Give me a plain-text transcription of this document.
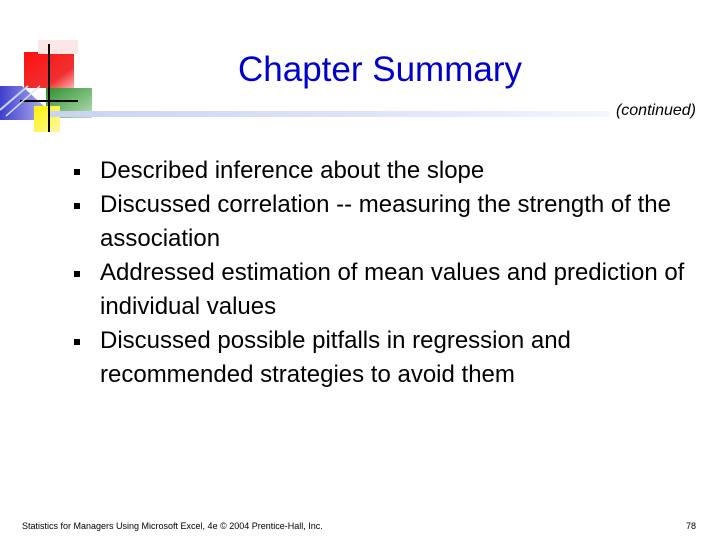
Chapter Summary
(continued)
Described inference about the slope
Discussed correlation -- measuring the strength of the association
Addressed estimation of mean values and prediction of individual values
Discussed possible pitfalls in regression and recommended strategies to avoid them
Statistics for Managers Using Microsoft Excel, 4e © 2004 Prentice-Hall, Inc.	78
